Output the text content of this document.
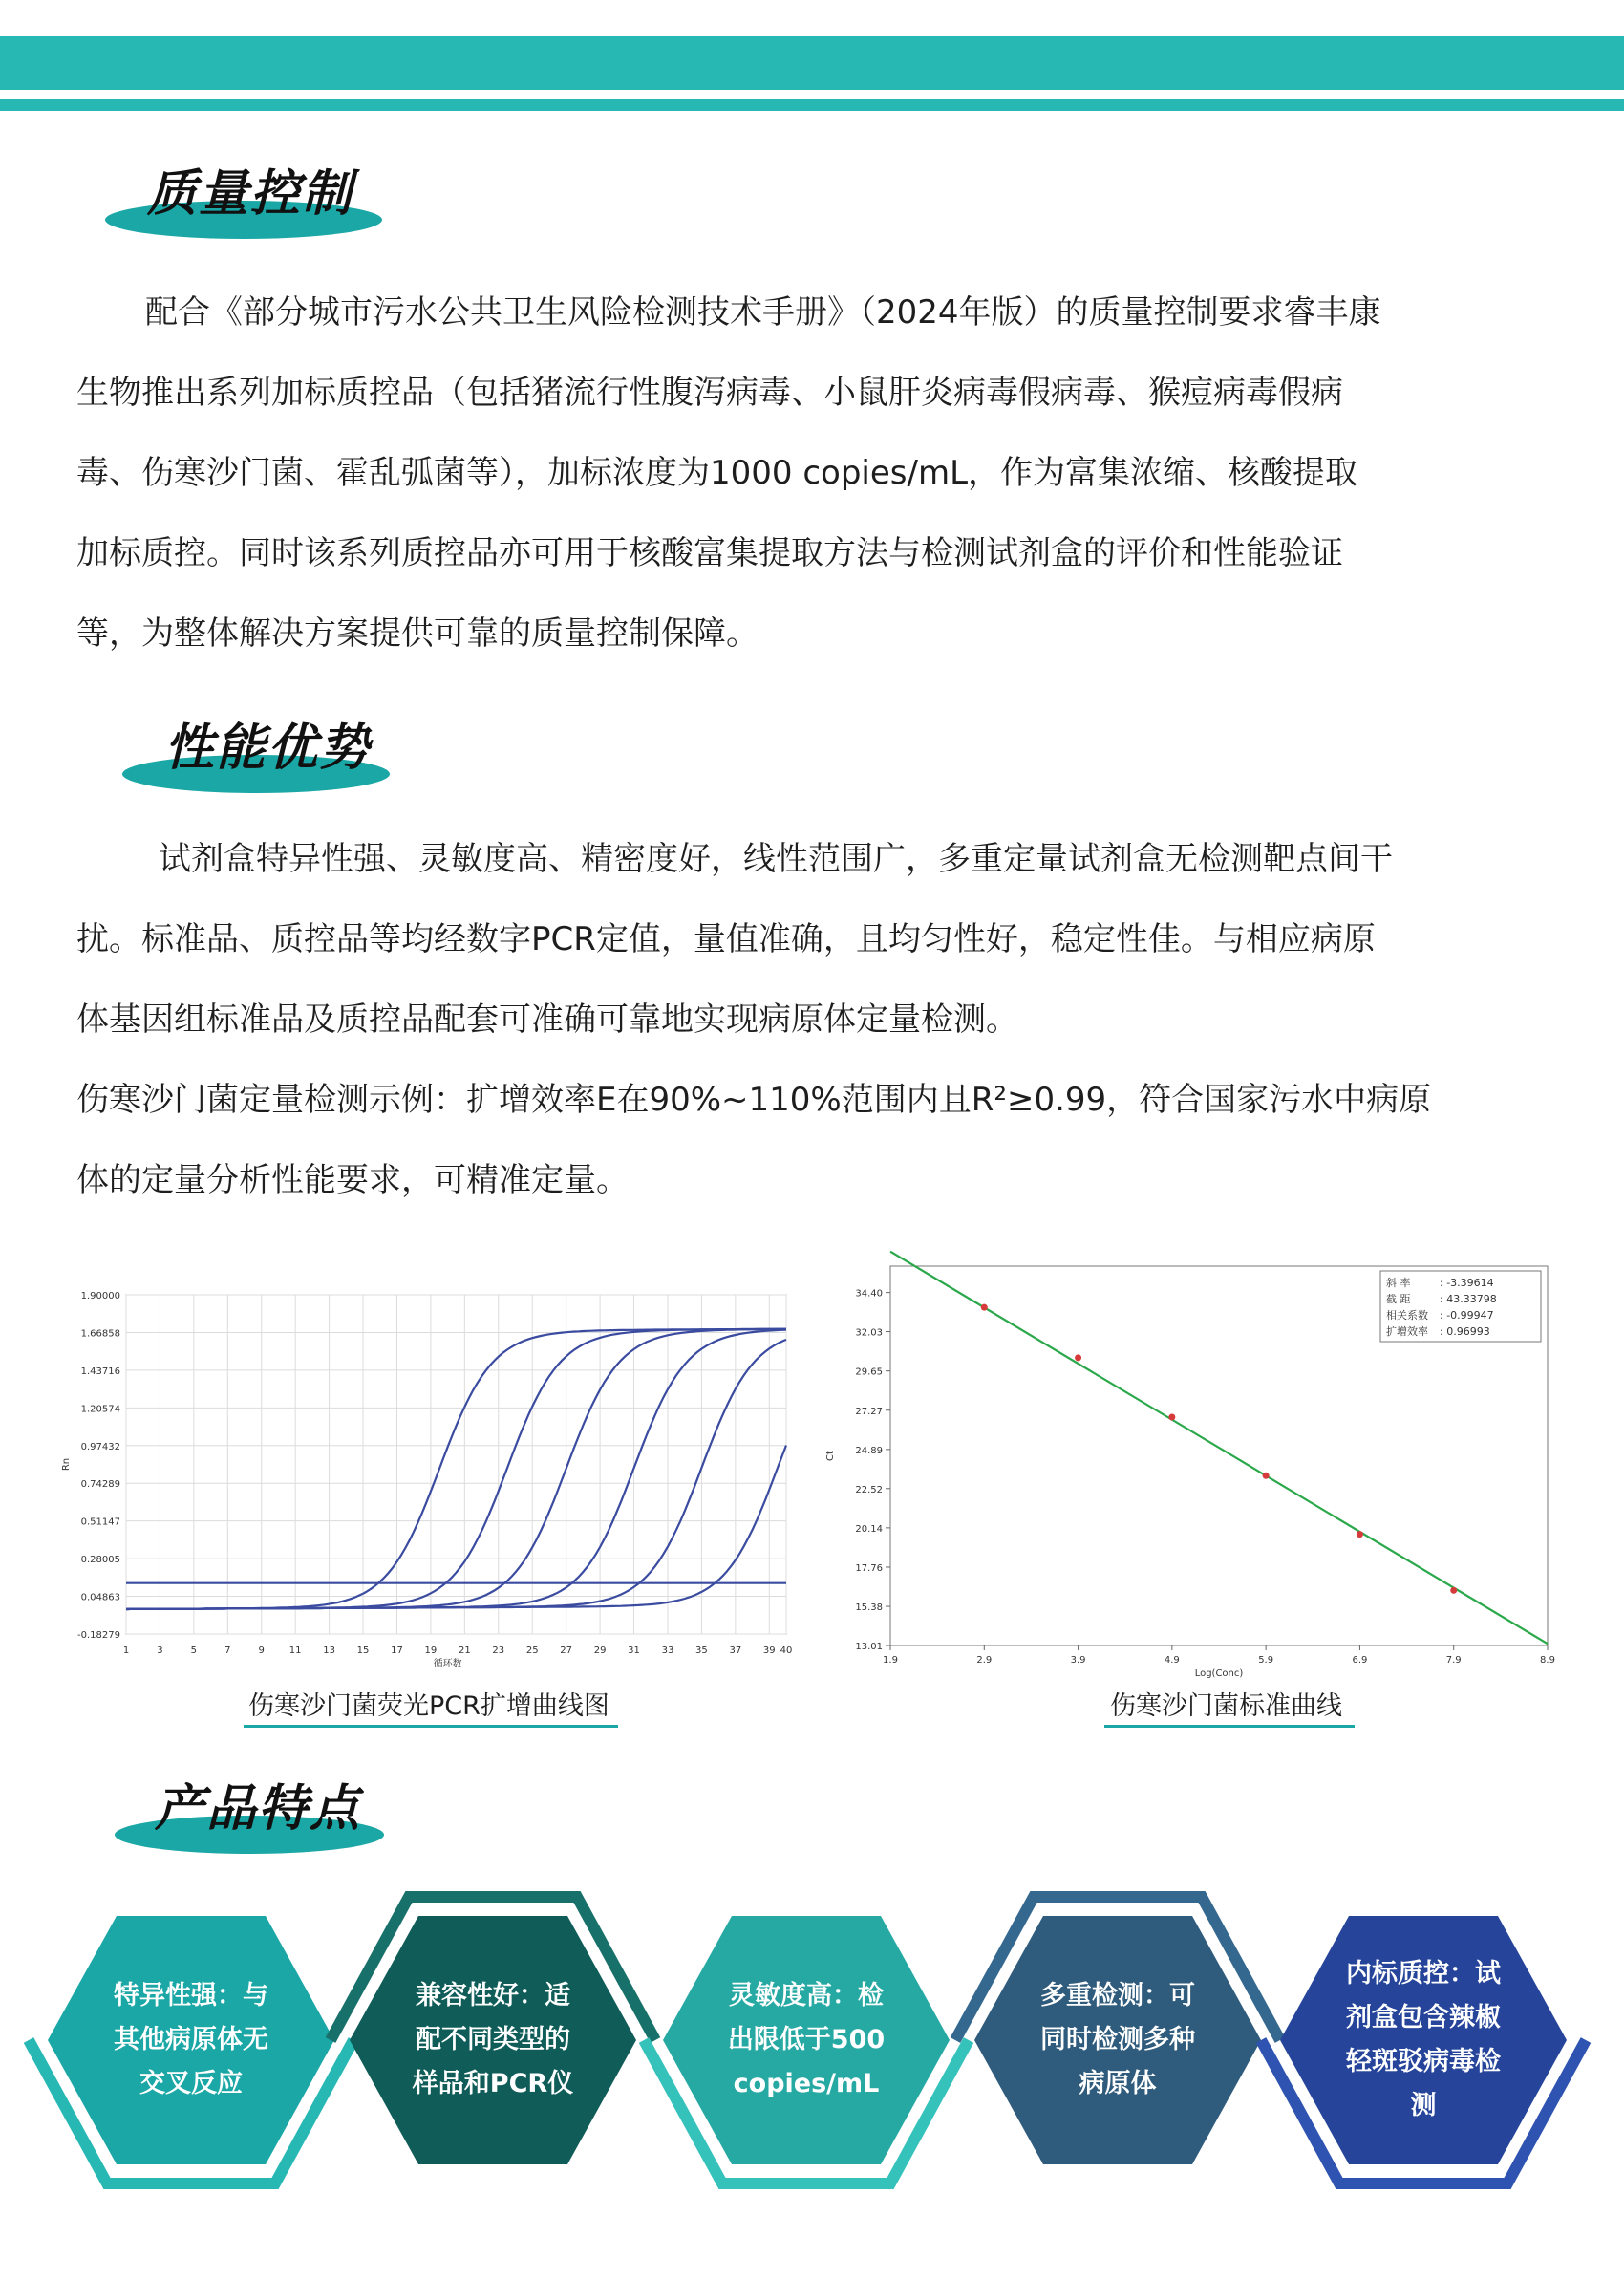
质量控制
配合《部分城市污水公共卫生风险检测技术手册》（2024年版）的质量控制要求睿丰康
生物推出系列加标质控品（包括猪流行性腹泻病毒、小鼠肝炎病毒假病毒、猴痘病毒假病
毒、伤寒沙门菌、霍乱弧菌等），加标浓度为1000 copies/mL，作为富集浓缩、核酸提取
加标质控。同时该系列质控品亦可用于核酸富集提取方法与检测试剂盒的评价和性能验证
等，为整体解决方案提供可靠的质量控制保障。
性能优势
试剂盒特异性强、灵敏度高、精密度好，线性范围广，多重定量试剂盒无检测靶点间干
扰。标准品、质控品等均经数字PCR定值，量值准确，且均匀性好，稳定性佳。与相应病原
体基因组标准品及质控品配套可准确可靠地实现病原体定量检测。
伤寒沙门菌定量检测示例：扩增效率E在90%~110%范围内且R²≥0.99，符合国家污水中病原
体的定量分析性能要求，可精准定量。
1	3	5	7	9	11 13 15 17 19 21 23 25 27 29 31 33 35 37 39 40
1.90000
1.66858
1.43716
1.20574
0.97432
0.74289
0.51147
0.28005
0.04863
-0.18279
循环数
Rn
伤寒沙门菌荧光PCR扩增曲线图
1.9	2.9	3.9	4.9	5.9	6.9	7.9	8.9
34.40
32.03
29.65
27.27
24.89
22.52
20.14
17.76
15.38
13.01
Log(Conc)
Ct
斜 率	: -3.39614
截 距	: 43.33798
相关系数 : -0.99947
扩增效率 : 0.96993
伤寒沙门菌标准曲线
产品特点
特异性强：与
其他病原体无
交叉反应
兼容性好：适
配不同类型的
样品和PCR仪
灵敏度高：检
出限低于500
copies/mL
多重检测：可
同时检测多种
病原体
内标质控：试
剂盒包含辣椒
轻斑驳病毒检
测
